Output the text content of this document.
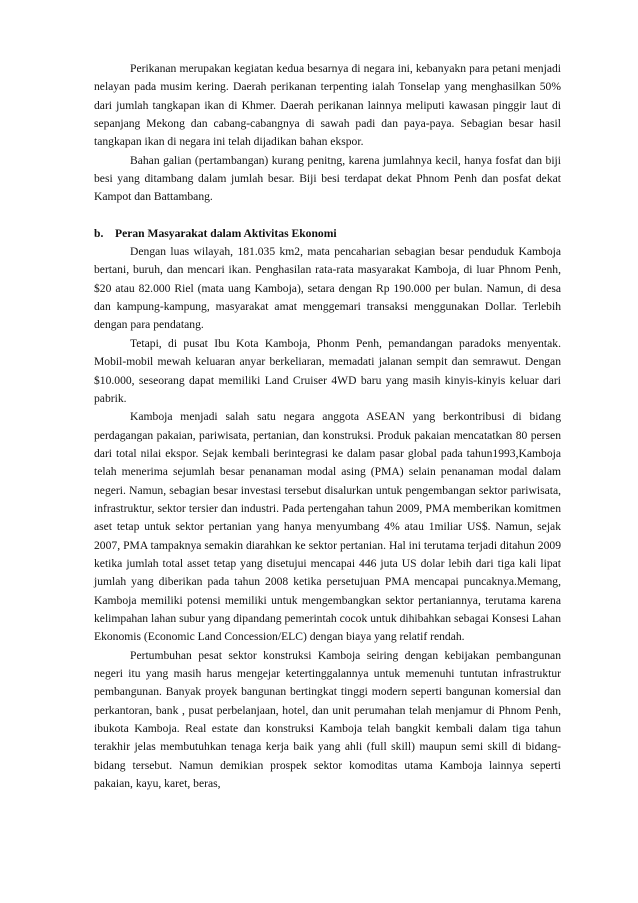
Perikanan merupakan kegiatan kedua besarnya di negara ini, kebanyakn para petani menjadi nelayan pada musim kering. Daerah perikanan terpenting ialah Tonselap yang menghasilkan 50% dari jumlah tangkapan ikan di Khmer. Daerah perikanan lainnya meliputi kawasan pinggir laut di sepanjang Mekong dan cabang-cabangnya di sawah padi dan paya-paya. Sebagian besar hasil tangkapan ikan di negara ini telah dijadikan bahan ekspor.

Bahan galian (pertambangan) kurang penitng, karena jumlahnya kecil, hanya fosfat dan biji besi yang ditambang dalam jumlah besar. Biji besi terdapat dekat Phnom Penh dan posfat dekat Kampot dan Battambang.

b.	Peran Masyarakat dalam Aktivitas Ekonomi

Dengan luas wilayah, 181.035 km2, mata pencaharian sebagian besar penduduk Kamboja bertani, buruh, dan mencari ikan. Penghasilan rata-rata masyarakat Kamboja, di luar Phnom Penh, $20 atau 82.000 Riel (mata uang Kamboja), setara dengan Rp 190.000 per bulan. Namun, di desa dan kampung-kampung, masyarakat amat menggemari transaksi menggunakan Dollar. Terlebih dengan para pendatang.

Tetapi, di pusat Ibu Kota Kamboja, Phonm Penh, pemandangan paradoks menyentak. Mobil-mobil mewah keluaran anyar berkeliaran, memadati jalanan sempit dan semrawut. Dengan $10.000, seseorang dapat memiliki Land Cruiser 4WD baru yang masih kinyis-kinyis keluar dari pabrik.

Kamboja menjadi salah satu negara anggota ASEAN yang berkontribusi di bidang perdagangan pakaian, pariwisata, pertanian, dan konstruksi. Produk pakaian mencatatkan 80 persen dari total nilai ekspor. Sejak kembali berintegrasi ke dalam pasar global pada tahun1993,Kamboja telah menerima sejumlah besar penanaman modal asing (PMA) selain penanaman modal dalam negeri. Namun, sebagian besar investasi tersebut disalurkan untuk pengembangan sektor pariwisata, infrastruktur, sektor tersier dan industri. Pada pertengahan tahun 2009, PMA memberikan komitmen aset tetap untuk sektor pertanian yang hanya menyumbang 4% atau 1miliar US$. Namun, sejak 2007, PMA tampaknya semakin diarahkan ke sektor pertanian. Hal ini terutama terjadi ditahun 2009 ketika jumlah total asset tetap yang disetujui mencapai 446 juta US dolar lebih dari tiga kali lipat jumlah yang diberikan pada tahun 2008 ketika persetujuan PMA mencapai puncaknya.Memang, Kamboja memiliki potensi memiliki untuk mengembangkan sektor pertaniannya, terutama karena kelimpahan lahan subur yang dipandang pemerintah cocok untuk dihibahkan sebagai Konsesi Lahan Ekonomis (Economic Land Concession/ELC) dengan biaya yang relatif rendah.

Pertumbuhan pesat sektor konstruksi Kamboja seiring dengan kebijakan pembangunan negeri itu yang masih harus mengejar ketertinggalannya untuk memenuhi tuntutan infrastruktur pembangunan. Banyak proyek bangunan bertingkat tinggi modern seperti bangunan komersial dan perkantoran, bank , pusat perbelanjaan, hotel, dan unit perumahan telah menjamur di Phnom Penh, ibukota Kamboja. Real estate dan konstruksi Kamboja telah bangkit kembali dalam tiga tahun terakhir jelas membutuhkan tenaga kerja baik yang ahli (full skill) maupun semi skill di bidang-bidang tersebut. Namun demikian prospek sektor komoditas utama Kamboja lainnya seperti pakaian, kayu, karet, beras,
